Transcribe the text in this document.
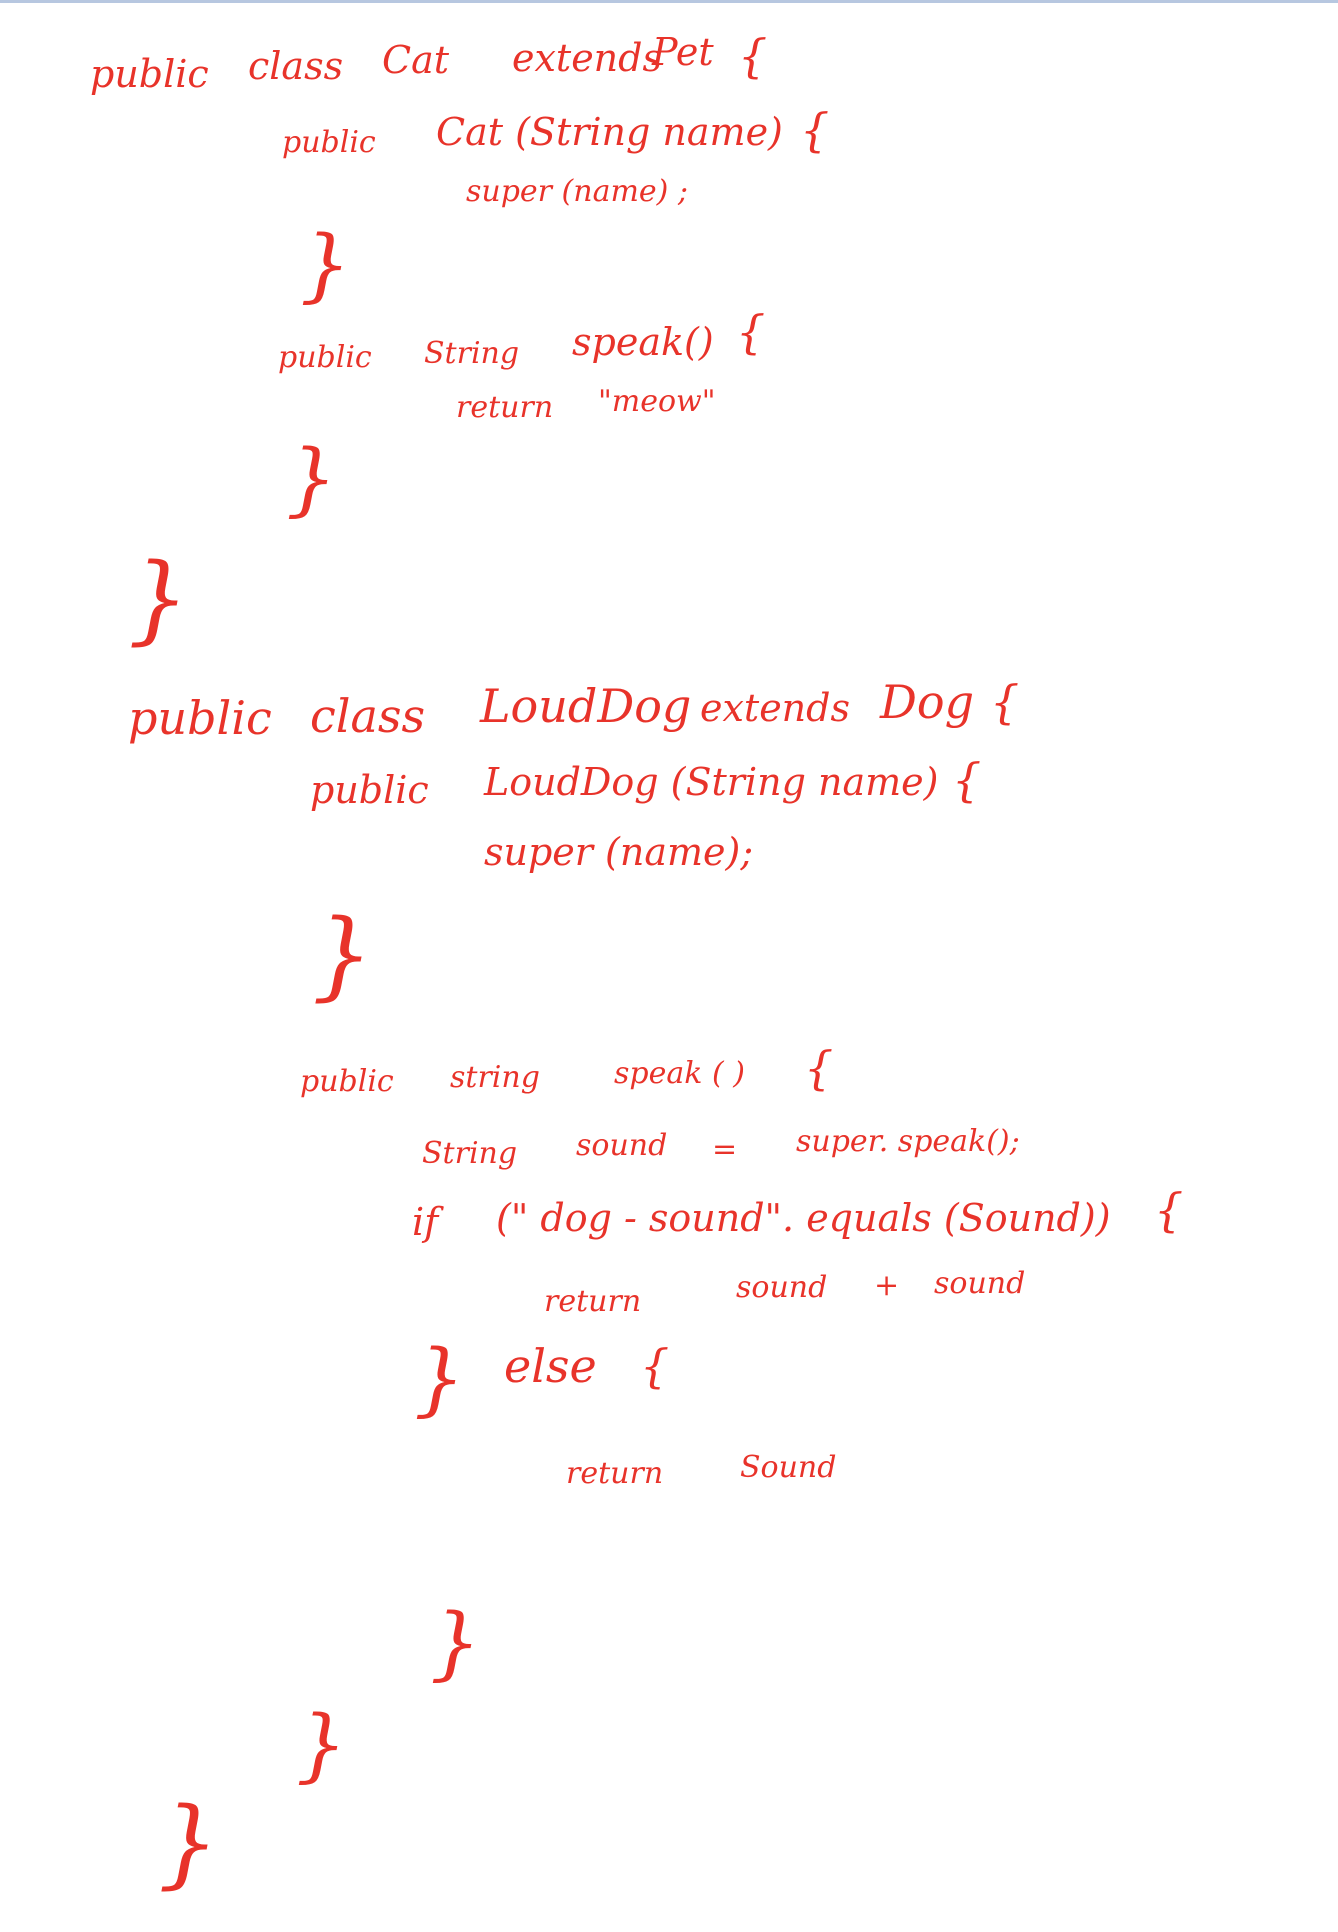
public class Cat extends
Pet {
public Cat (String name) {
super (name) ;
}
public String speak() {
return "meow"
}
}
public class LoudDog extends Dog {
public LoudDog (String name) {
super (name);
}
public string speak ( ) {
String sound = super. speak();
if (" dog - sound". equals (Sound)) {
return	sound + sound
} else {
return	Sound
}
}
}
